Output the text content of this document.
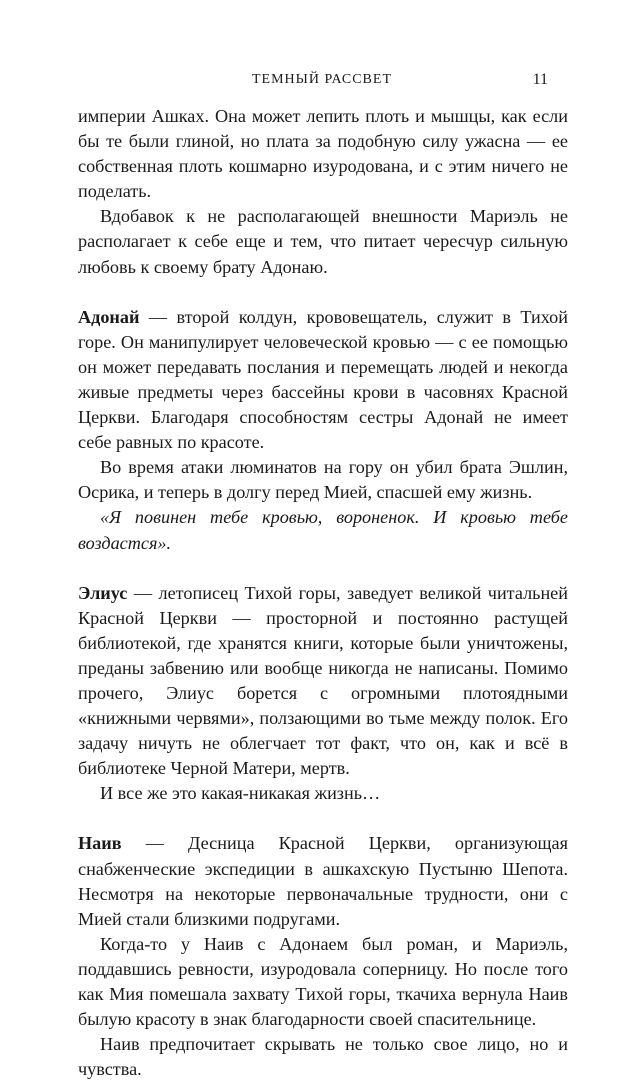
ТЕМНЫЙ РАССВЕТ	11

империи Ашках. Она может лепить плоть и мышцы, как если бы те были глиной, но плата за подобную силу ужасна — ее собственная плоть кошмарно изуродована, и с этим ничего не поделать.

Вдобавок к не располагающей внешности Мариэль не располагает к себе еще и тем, что питает чересчур сильную любовь к своему брату Адонаю.

Адонай — второй колдун, крововещатель, служит в Тихой горе. Он манипулирует человеческой кровью — с ее помощью он может передавать послания и перемещать людей и некогда живые предметы через бассейны крови в часовнях Красной Церкви. Благодаря способностям сестры Адонай не имеет себе равных по красоте.

Во время атаки люминатов на гору он убил брата Эшлин, Осрика, и теперь в долгу перед Мией, спасшей ему жизнь.

«Я повинен тебе кровью, вороненок. И кровью тебе воздастся».

Элиус — летописец Тихой горы, заведует великой читальней Красной Церкви — просторной и постоянно растущей библиотекой, где хранятся книги, которые были уничтожены, преданы забвению или вообще никогда не написаны. Помимо прочего, Элиус борется с огромными плотоядными «книжными червями», ползающими во тьме между полок. Его задачу ничуть не облегчает тот факт, что он, как и всё в библиотеке Черной Матери, мертв.

И все же это какая-никакая жизнь…

Наив — Десница Красной Церкви, организующая снабженческие экспедиции в ашкахскую Пустыню Шепота. Несмотря на некоторые первоначальные трудности, они с Мией стали близкими подругами.

Когда-то у Наив с Адонаем был роман, и Мариэль, поддавшись ревности, изуродовала соперницу. Но после того как Мия помешала захвату Тихой горы, ткачиха вернула Наив былую красоту в знак благодарности своей спасительнице.

Наив предпочитает скрывать не только свое лицо, но и чувства.
